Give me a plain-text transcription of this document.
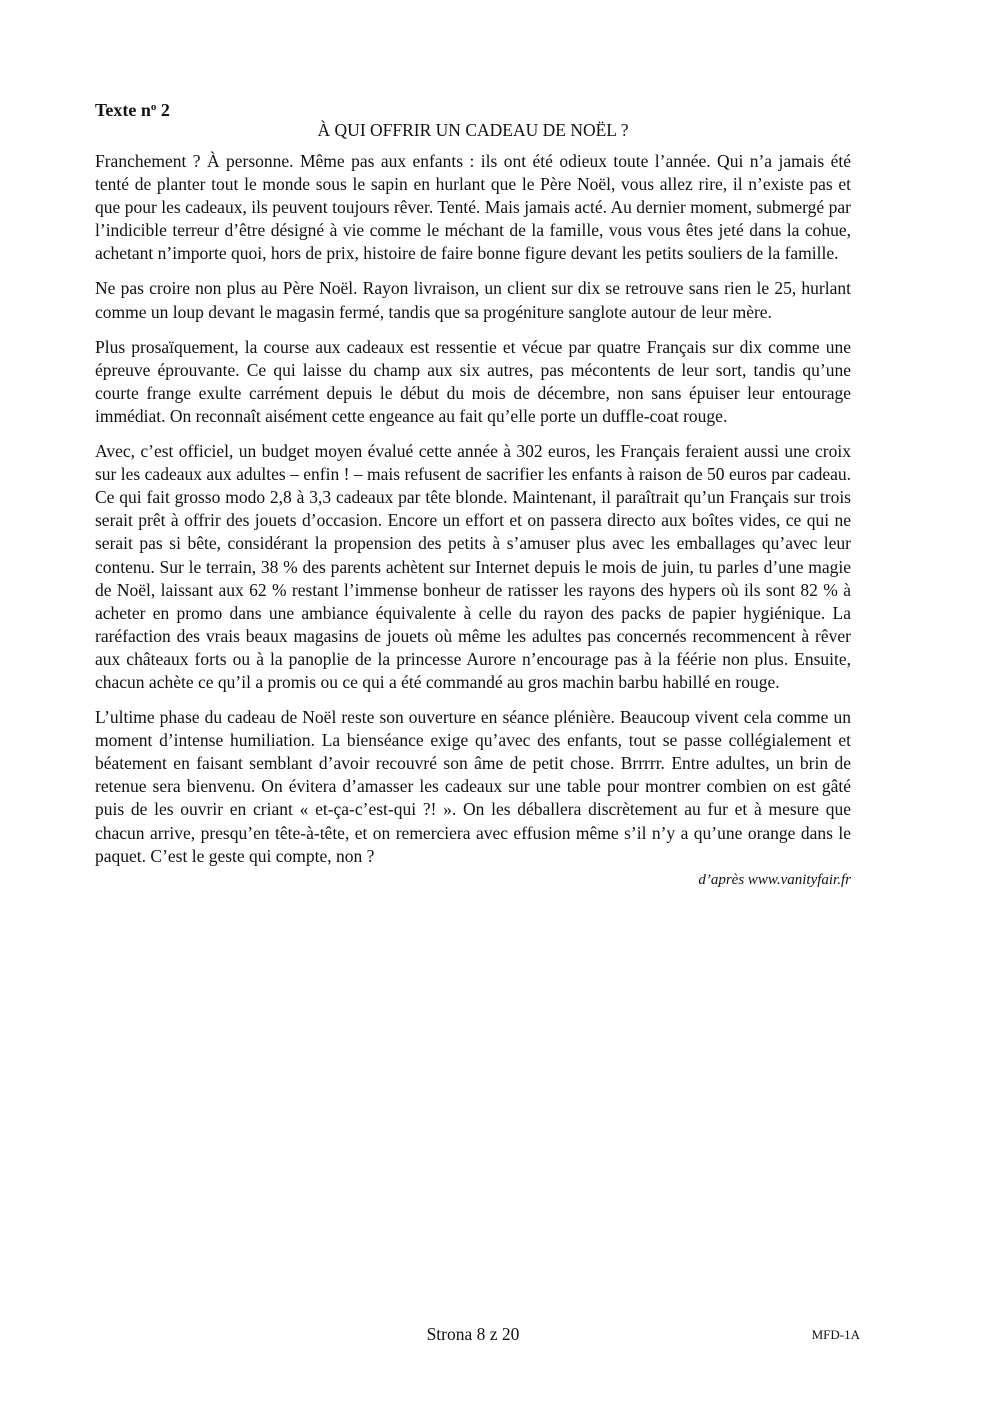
Texte $n^o$ 2
À QUI OFFRIR UN CADEAU DE NOËL ?

Franchement ? À personne. Même pas aux enfants : ils ont été odieux toute l’année. Qui n’a jamais été tenté de planter tout le monde sous le sapin en hurlant que le Père Noël, vous allez rire, il n’existe pas et que pour les cadeaux, ils peuvent toujours rêver. Tenté. Mais jamais acté. Au dernier moment, submergé par l’indicible terreur d’être désigné à vie comme le méchant de la famille, vous vous êtes jeté dans la cohue, achetant n’importe quoi, hors de prix, histoire de faire bonne figure devant les petits souliers de la famille.

Ne pas croire non plus au Père Noël. Rayon livraison, un client sur dix se retrouve sans rien le 25, hurlant comme un loup devant le magasin fermé, tandis que sa progéniture sanglote autour de leur mère.

Plus prosaïquement, la course aux cadeaux est ressentie et vécue par quatre Français sur dix comme une épreuve éprouvante. Ce qui laisse du champ aux six autres, pas mécontents de leur sort, tandis qu’une courte frange exulte carrément depuis le début du mois de décembre, non sans épuiser leur entourage immédiat. On reconnaît aisément cette engeance au fait qu’elle porte un duffle-coat rouge.

Avec, c’est officiel, un budget moyen évalué cette année à 302 euros, les Français feraient aussi une croix sur les cadeaux aux adultes – enfin ! – mais refusent de sacrifier les enfants à raison de 50 euros par cadeau. Ce qui fait grosso modo 2,8 à 3,3 cadeaux par tête blonde. Maintenant, il paraîtrait qu’un Français sur trois serait prêt à offrir des jouets d’occasion. Encore un effort et on passera directo aux boîtes vides, ce qui ne serait pas si bête, considérant la propension des petits à s’amuser plus avec les emballages qu’avec leur contenu. Sur le terrain, 38 % des parents achètent sur Internet depuis le mois de juin, tu parles d’une magie de Noël, laissant aux 62 % restant l’immense bonheur de ratisser les rayons des hypers où ils sont 82 % à acheter en promo dans une ambiance équivalente à celle du rayon des packs de papier hygiénique. La raréfaction des vrais beaux magasins de jouets où même les adultes pas concernés recommencent à rêver aux châteaux forts ou à la panoplie de la princesse Aurore n’encourage pas à la féérie non plus. Ensuite, chacun achète ce qu’il a promis ou ce qui a été commandé au gros machin barbu habillé en rouge.

L’ultime phase du cadeau de Noël reste son ouverture en séance plénière. Beaucoup vivent cela comme un moment d’intense humiliation. La bienséance exige qu’avec des enfants, tout se passe collégialement et béatement en faisant semblant d’avoir recouvré son âme de petit chose. Brrrrr. Entre adultes, un brin de retenue sera bienvenu. On évitera d’amasser les cadeaux sur une table pour montrer combien on est gâté puis de les ouvrir en criant « et-ça-c’est-qui ?! ». On les déballera discrètement au fur et à mesure que chacun arrive, presqu’en tête-à-tête, et on remerciera avec effusion même s’il n’y a qu’une orange dans le paquet. C’est le geste qui compte, non ?

d’après www.vanityfair.fr

Strona 8 z 20	MFD-1A
